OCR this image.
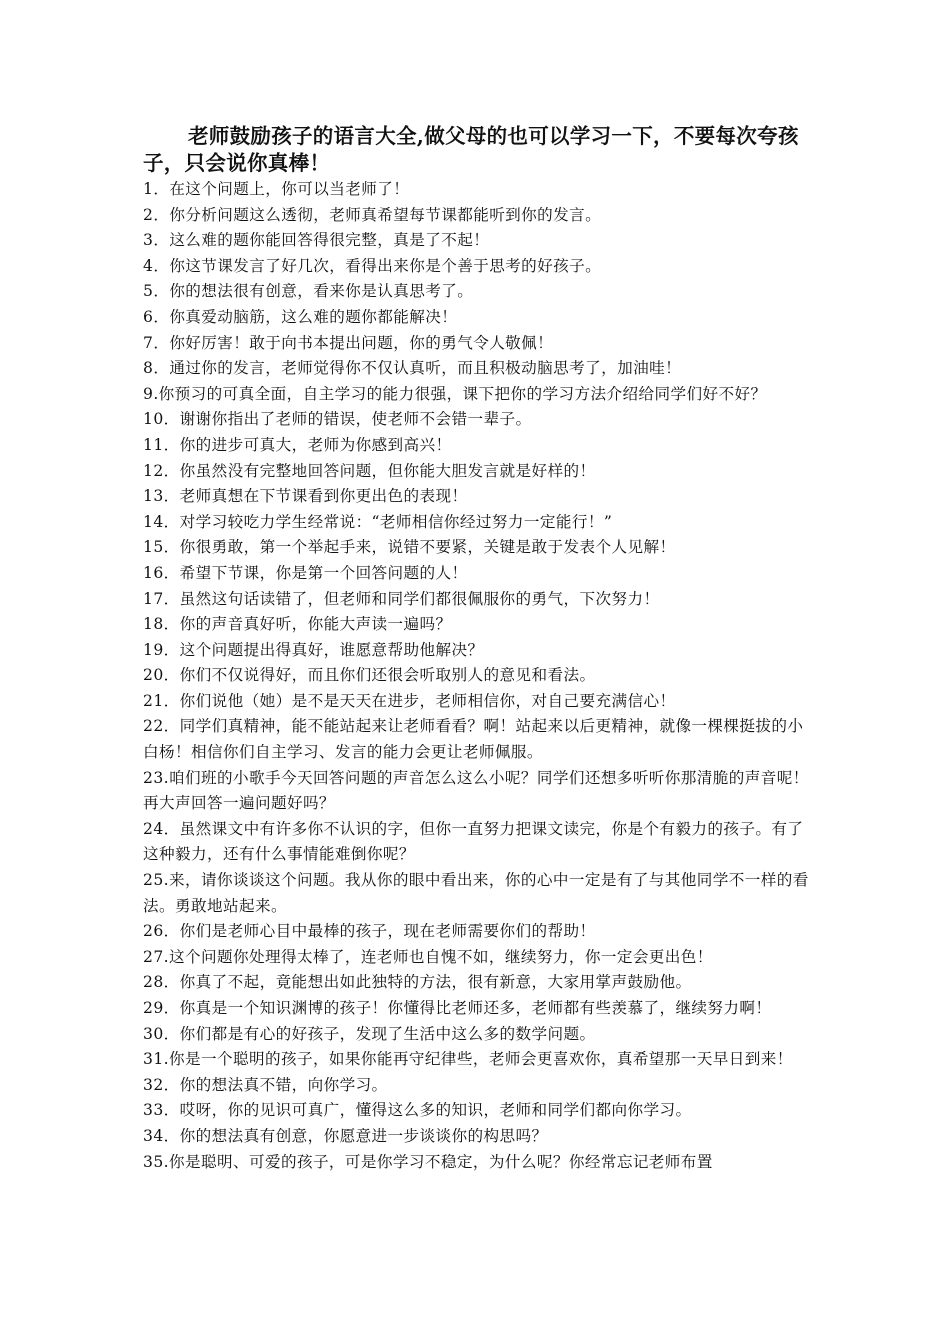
老师鼓励孩子的语言大全,做父母的也可以学习一下，不要每次夸孩子，只会说你真棒！
1．在这个问题上，你可以当老师了！
2．你分析问题这么透彻，老师真希望每节课都能听到你的发言。
3．这么难的题你能回答得很完整，真是了不起！
4．你这节课发言了好几次，看得出来你是个善于思考的好孩子。
5．你的想法很有创意，看来你是认真思考了。
6．你真爱动脑筋，这么难的题你都能解决！
7．你好厉害！敢于向书本提出问题，你的勇气令人敬佩！
8．通过你的发言，老师觉得你不仅认真听，而且积极动脑思考了，加油哇！
9.你预习的可真全面，自主学习的能力很强，课下把你的学习方法介绍给同学们好不好？
10．谢谢你指出了老师的错误，使老师不会错一辈子。
11．你的进步可真大，老师为你感到高兴！
12．你虽然没有完整地回答问题，但你能大胆发言就是好样的！
13．老师真想在下节课看到你更出色的表现！
14．对学习较吃力学生经常说：“老师相信你经过努力一定能行！”
15．你很勇敢，第一个举起手来，说错不要紧，关键是敢于发表个人见解！
16．希望下节课，你是第一个回答问题的人！
17．虽然这句话读错了，但老师和同学们都很佩服你的勇气，下次努力！
18．你的声音真好听，你能大声读一遍吗？
19．这个问题提出得真好，谁愿意帮助他解决？
20．你们不仅说得好，而且你们还很会听取别人的意见和看法。
21．你们说他（她）是不是天天在进步，老师相信你，对自己要充满信心！
22．同学们真精神，能不能站起来让老师看看？啊！站起来以后更精神，就像一棵棵挺拔的小白杨！相信你们自主学习、发言的能力会更让老师佩服。
23.咱们班的小歌手今天回答问题的声音怎么这么小呢？同学们还想多听听你那清脆的声音呢！再大声回答一遍问题好吗？
24．虽然课文中有许多你不认识的字，但你一直努力把课文读完，你是个有毅力的孩子。有了这种毅力，还有什么事情能难倒你呢？
25.来，请你谈谈这个问题。我从你的眼中看出来，你的心中一定是有了与其他同学不一样的看法。勇敢地站起来。
26．你们是老师心目中最棒的孩子，现在老师需要你们的帮助！
27.这个问题你处理得太棒了，连老师也自愧不如，继续努力，你一定会更出色！
28．你真了不起，竟能想出如此独特的方法，很有新意，大家用掌声鼓励他。
29．你真是一个知识渊博的孩子！你懂得比老师还多，老师都有些羡慕了，继续努力啊！
30．你们都是有心的好孩子，发现了生活中这么多的数学问题。
31.你是一个聪明的孩子，如果你能再守纪律些，老师会更喜欢你，真希望那一天早日到来！
32．你的想法真不错，向你学习。
33．哎呀，你的见识可真广，懂得这么多的知识，老师和同学们都向你学习。
34．你的想法真有创意，你愿意进一步谈谈你的构思吗？
35.你是聪明、可爱的孩子，可是你学习不稳定，为什么呢？你经常忘记老师布置
